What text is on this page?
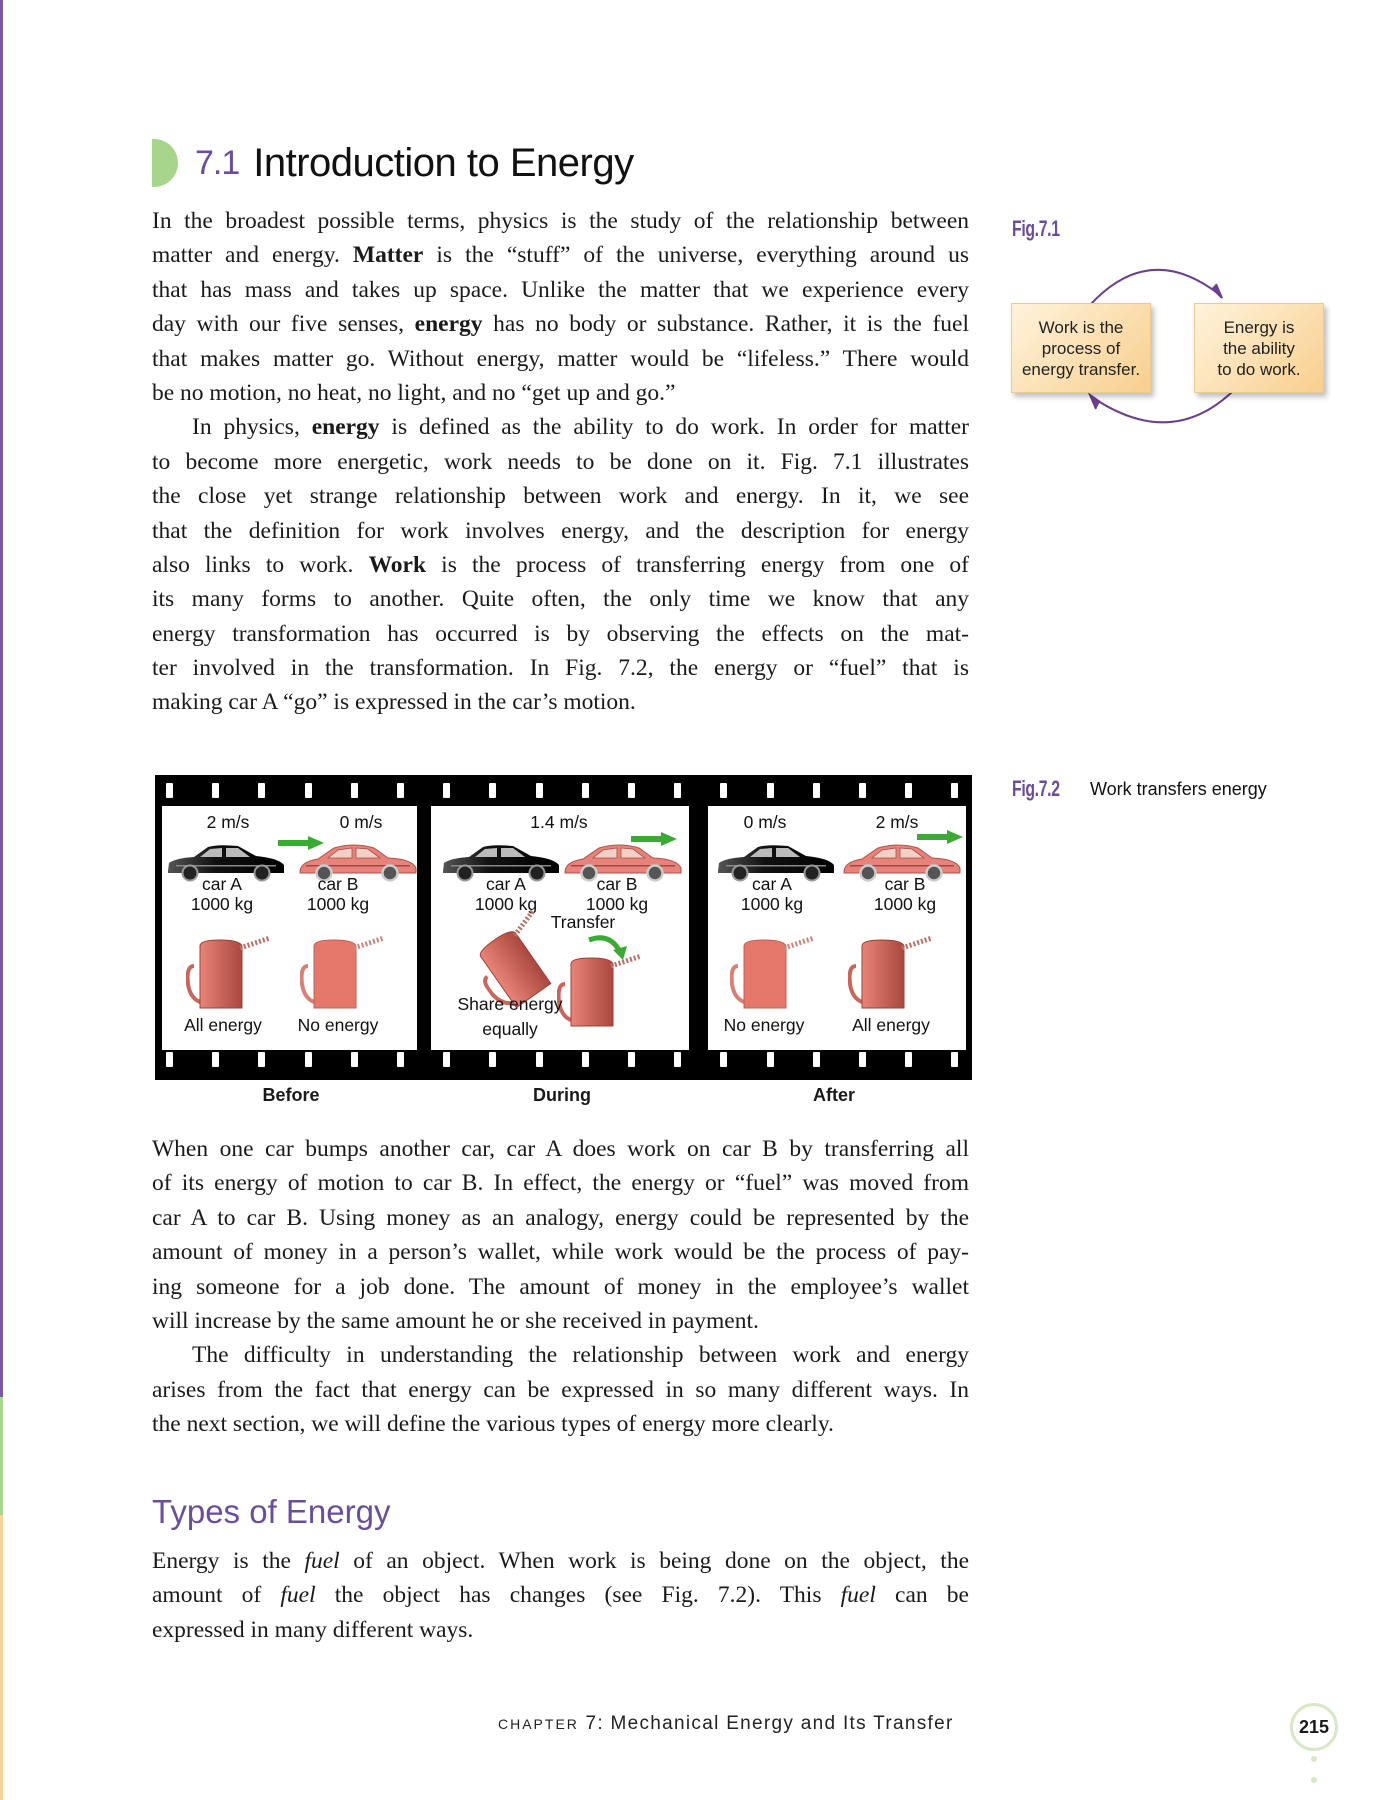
7.1 Introduction to Energy
In the broadest possible terms, physics is the study of the relationship between
matter and energy. Matter is the “stuff” of the universe, everything around us
that has mass and takes up space. Unlike the matter that we experience every
day with our five senses, energy has no body or substance. Rather, it is the fuel
that makes matter go. Without energy, matter would be “lifeless.” There would
be no motion, no heat, no light, and no “get up and go.”
In physics, energy is defined as the ability to do work. In order for matter
to become more energetic, work needs to be done on it. Fig. 7.1 illustrates
the close yet strange relationship between work and energy. In it, we see
that the definition for work involves energy, and the description for energy
also links to work. Work is the process of transferring energy from one of
its many forms to another. Quite often, the only time we know that any
energy transformation has occurred is by observing the effects on the mat-
ter involved in the transformation. In Fig. 7.2, the energy or “fuel” that is
making car A “go” is expressed in the car’s motion.
Fig.7.1
Work is the
process of
energy transfer.
Energy is
the ability
to do work.
Fig.7.2 Work transfers energy
2 m/s	0 m/s
car A
1000 kg
car B
1000 kg
All energy No energy
1.4 m/s
car A
1000 kg
car B
1000 kg
Transfer
Share energy
equally
0 m/s	2 m/s
car A
1000 kg
car B
1000 kg
No energy	All energy
Before	During	After
When one car bumps another car, car A does work on car B by transferring all
of its energy of motion to car B. In effect, the energy or “fuel” was moved from
car A to car B. Using money as an analogy, energy could be represented by the
amount of money in a person’s wallet, while work would be the process of pay-
ing someone for a job done. The amount of money in the employee’s wallet
will increase by the same amount he or she received in payment.
The difficulty in understanding the relationship between work and energy
arises from the fact that energy can be expressed in so many different ways. In
the next section, we will define the various types of energy more clearly.
Types of Energy
Energy is the fuel of an object. When work is being done on the object, the
amount of fuel the object has changes (see Fig. 7.2). This fuel can be
expressed in many different ways.
CHAPTER 7: Mechanical Energy and Its Transfer	215
